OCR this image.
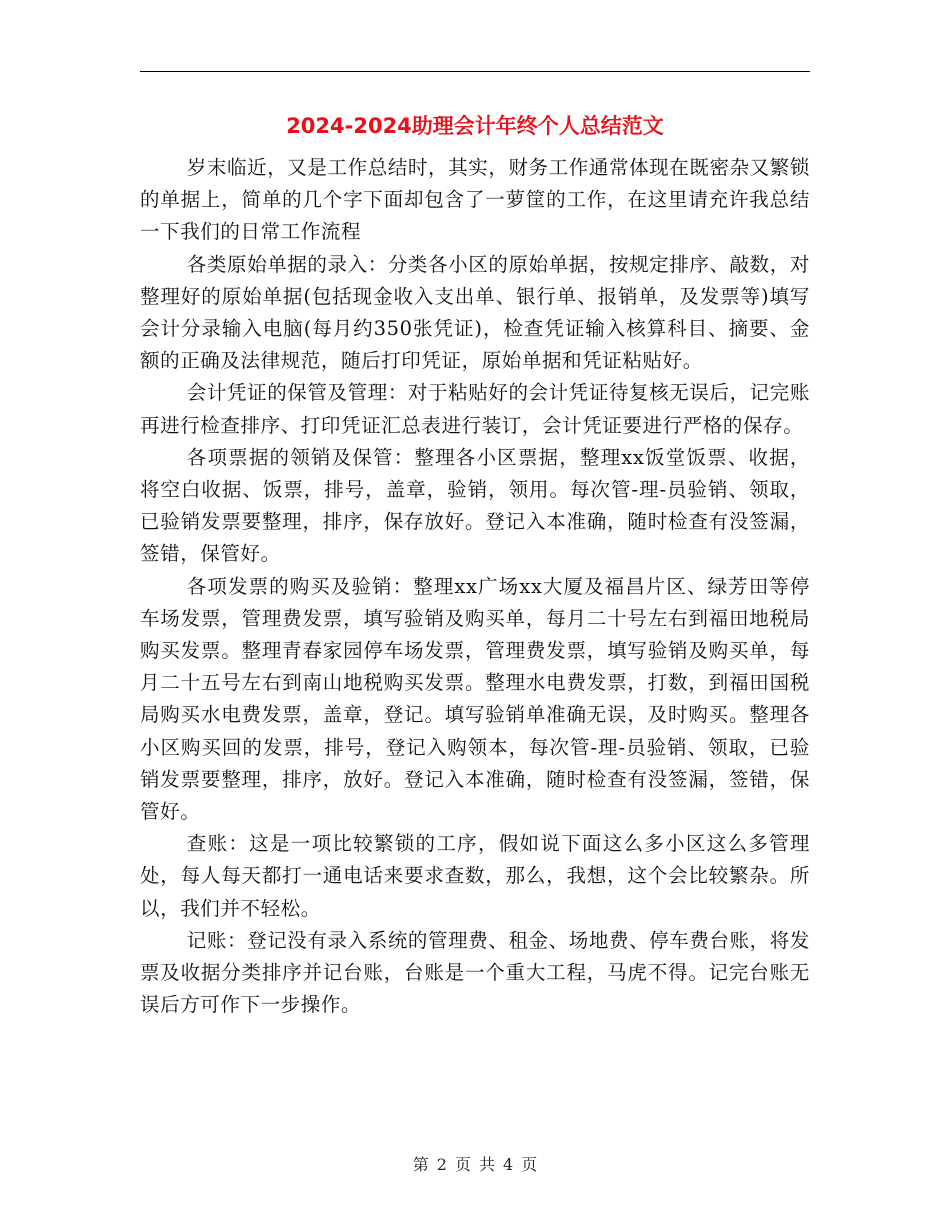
2024-2024助理会计年终个人总结范文

岁末临近，又是工作总结时，其实，财务工作通常体现在既密杂又繁锁的单据上，简单的几个字下面却包含了一萝筐的工作，在这里请充许我总结一下我们的日常工作流程

各类原始单据的录入：分类各小区的原始单据，按规定排序、敲数，对整理好的原始单据(包括现金收入支出单、银行单、报销单，及发票等)填写会计分录输入电脑(每月约350张凭证)，检查凭证输入核算科目、摘要、金额的正确及法律规范，随后打印凭证，原始单据和凭证粘贴好。

会计凭证的保管及管理：对于粘贴好的会计凭证待复核无误后，记完账再进行检查排序、打印凭证汇总表进行装订，会计凭证要进行严格的保存。

各项票据的领销及保管：整理各小区票据，整理xx饭堂饭票、收据，将空白收据、饭票，排号，盖章，验销，领用。每次管-理-员验销、领取，已验销发票要整理，排序，保存放好。登记入本准确，随时检查有没签漏，签错，保管好。

各项发票的购买及验销：整理xx广场xx大厦及福昌片区、绿芳田等停车场发票，管理费发票，填写验销及购买单，每月二十号左右到福田地税局购买发票。整理青春家园停车场发票，管理费发票，填写验销及购买单，每月二十五号左右到南山地税购买发票。整理水电费发票，打数，到福田国税局购买水电费发票，盖章，登记。填写验销单准确无误，及时购买。整理各小区购买回的发票，排号，登记入购领本，每次管-理-员验销、领取，已验销发票要整理，排序，放好。登记入本准确，随时检查有没签漏，签错，保管好。

查账：这是一项比较繁锁的工序，假如说下面这么多小区这么多管理处，每人每天都打一通电话来要求查数，那么，我想，这个会比较繁杂。所以，我们并不轻松。

记账：登记没有录入系统的管理费、租金、场地费、停车费台账，将发票及收据分类排序并记台账，台账是一个重大工程，马虎不得。记完台账无误后方可作下一步操作。

第 2 页 共 4 页
